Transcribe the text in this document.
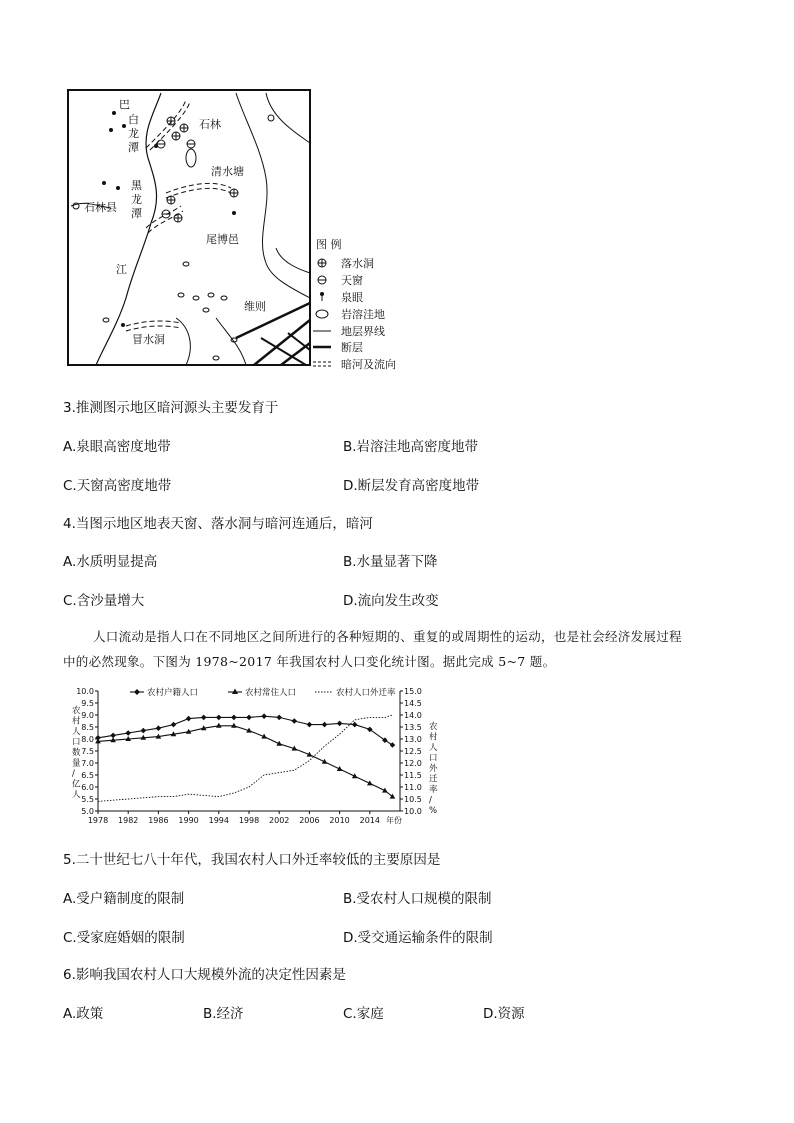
巴
白
龙
潭
石林
清水塘
黑
龙
潭
石林县
尾博邑
江
维则
冒水洞
图 例
落水洞
天窗
泉眼
岩溶洼地
地层界线
断层
暗河及流向
3.推测图示地区暗河源头主要发育于
A.泉眼高密度地带	B.岩溶洼地高密度地带
C.天窗高密度地带	D.断层发育高密度地带
4.当图示地区地表天窗、落水洞与暗河连通后，暗河
A.水质明显提高	B.水量显著下降
C.含沙量增大	D.流向发生改变
人口流动是指人口在不同地区之间所进行的各种短期的、重复的或周期性的运动，也是社会经济发展过程
中的必然现象。下图为 1978~2017 年我国农村人口变化统计图。据此完成 5~7 题。
5.0
5.5
6.0
6.5
7.0
7.5
8.0
8.5
9.0
9.5
10.0
10.0
10.5
11.0
11.5
12.0
12.5
13.0
13.5
14.0
14.5
15.0
1978 1982 1986 1990 1994 1998 2002 2006 2010 2014 年份
农村人口数量/亿人
农村人口外迁率/ %
农村户籍人口	农村常住人口	农村人口外迁率
5.二十世纪七八十年代，我国农村人口外迁率较低的主要原因是
A.受户籍制度的限制	B.受农村人口规模的限制
C.受家庭婚姻的限制	D.受交通运输条件的限制
6.影响我国农村人口大规模外流的决定性因素是
A.政策	B.经济	C.家庭	D.资源
